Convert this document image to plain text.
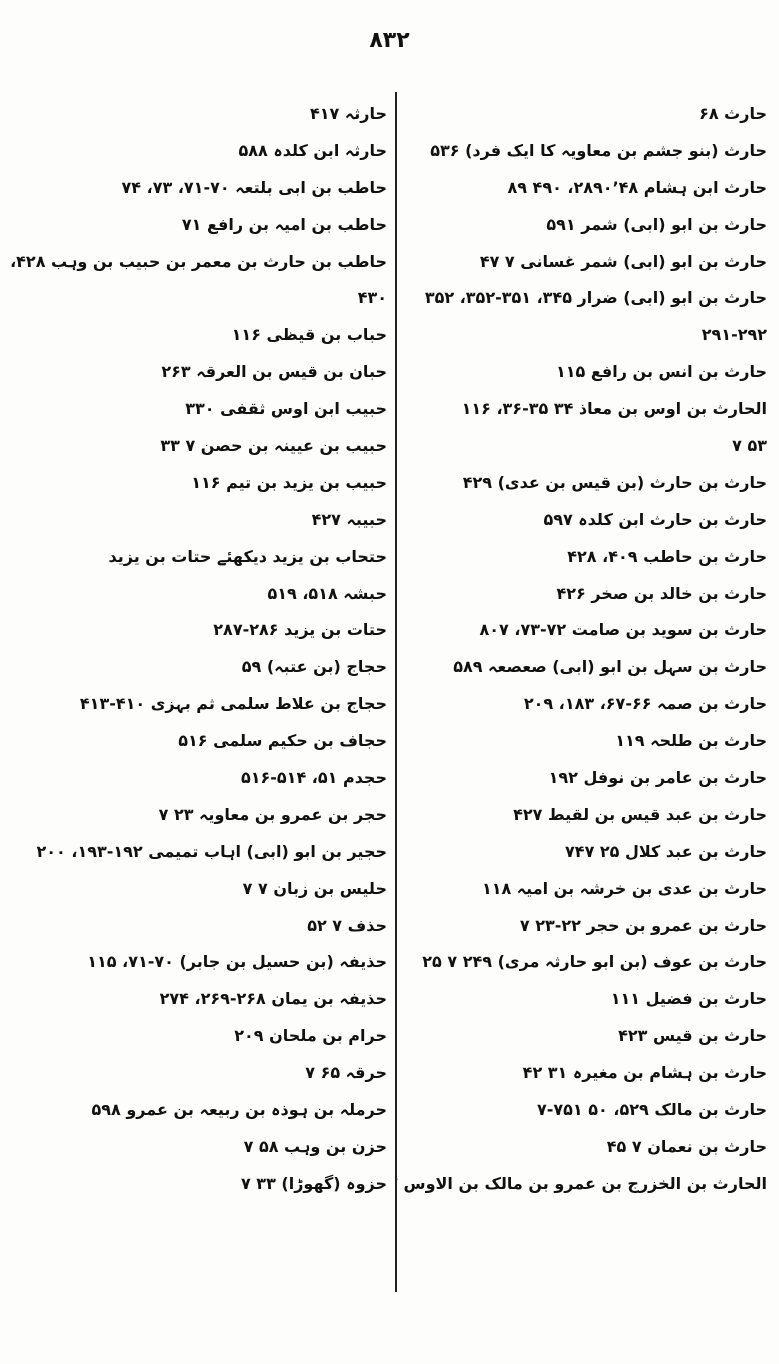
۸۳۲
حارث ۶۸
حارث (بنو جشم بن معاویہ کا ایک فرد) ۵۳۶
حارث ابن ہشام ۲۸۹۰٬۴۸، ۴۹۰ ۸۹
حارث بن ابو (ابی) شمر ۵۹۱
حارث بن ابو (ابی) شمر غسانی ۷ ۴۷
حارث بن ابو (ابی) ضرار ۳۴۵، ۳۵۱-۳۵۲، ۳۵۲
۲۹۱-۲۹۲
حارث بن انس بن رافع ۱۱۵
الحارث بن اوس بن معاذ ۳۴ ۳۵-۳۶، ۱۱۶
۵۳ ۷
حارث بن حارث (بن قیس بن عدی) ۴۲۹
حارث بن حارث ابن کلدہ ۵۹۷
حارث بن حاطب ۴۰۹، ۴۲۸
حارث بن خالد بن صخر ۴۲۶
حارث بن سوید بن صامت ۷۲-۷۳، ۸۰۷
حارث بن سہل بن ابو (ابی) صعصعہ ۵۸۹
حارث بن صمہ ۶۶-۶۷، ۱۸۳، ۲۰۹
حارث بن طلحہ ۱۱۹
حارث بن عامر بن نوفل ۱۹۲
حارث بن عبد قیس بن لقیط ۴۲۷
حارث بن عبد کلال ۲۵ ۷۴۷
حارث بن عدی بن خرشہ بن امیہ ۱۱۸
حارث بن عمرو بن حجر ۲۲-۲۳ ۷
حارث بن عوف (بن ابو حارثہ مری) ۲۴۹ ۷ ۲۵
حارث بن فضیل ۱۱۱
حارث بن قیس ۴۲۳
حارث بن ہشام بن مغیرہ ۳۱ ۴۲
حارث بن مالک ۵۲۹، ۵۰ ۷۵۱-۷
حارث بن نعمان ۷ ۴۵
الحارث بن الخزرج بن عمرو بن مالک بن الاوس
حارثہ ۴۱۷
حارثہ ابن کلدہ ۵۸۸
حاطب بن ابی بلتعہ ۷۰-۷۱، ۷۳، ۷۴
حاطب بن امیہ بن رافع ۷۱
حاطب بن حارث بن معمر بن حبیب بن وہب ۴۲۸،
۴۳۰
حباب بن قیظی ۱۱۶
حبان بن قیس بن العرقہ ۲۶۳
حبیب ابن اوس ثقفی ۳۳۰
حبیب بن عیینہ بن حصن ۷ ۳۳
حبیب بن یزید بن تیم ۱۱۶
حبیبہ ۴۲۷
حتحاب بن یزید دیکھئے حتات بن یزید
حبشہ ۵۱۸، ۵۱۹
حتات بن یزید ۲۸۶-۲۸۷
حجاج (بن عتبہ) ۵۹
حجاج بن علاط سلمی ثم بہزی ۴۱۰-۴۱۳
حجاف بن حکیم سلمی ۵۱۶
حجدم ۵۱، ۵۱۴-۵۱۶
حجر بن عمرو بن معاویہ ۲۳ ۷
حجیر بن ابو (ابی) اہاب تمیمی ۱۹۲-۱۹۳، ۲۰۰
حلیس بن زبان ۷ ۷
حذف ۷ ۵۲
حذیفہ (بن حسیل بن جابر) ۷۰-۷۱، ۱۱۵
حذیفہ بن یمان ۲۶۸-۲۶۹، ۲۷۴
حرام بن ملحان ۲۰۹
حرقہ ۶۵ ۷
حرملہ بن ہوذہ بن ربیعہ بن عمرو ۵۹۸
حزن بن وہب ۵۸ ۷
حزوہ (گھوڑا) ۳۳ ۷
